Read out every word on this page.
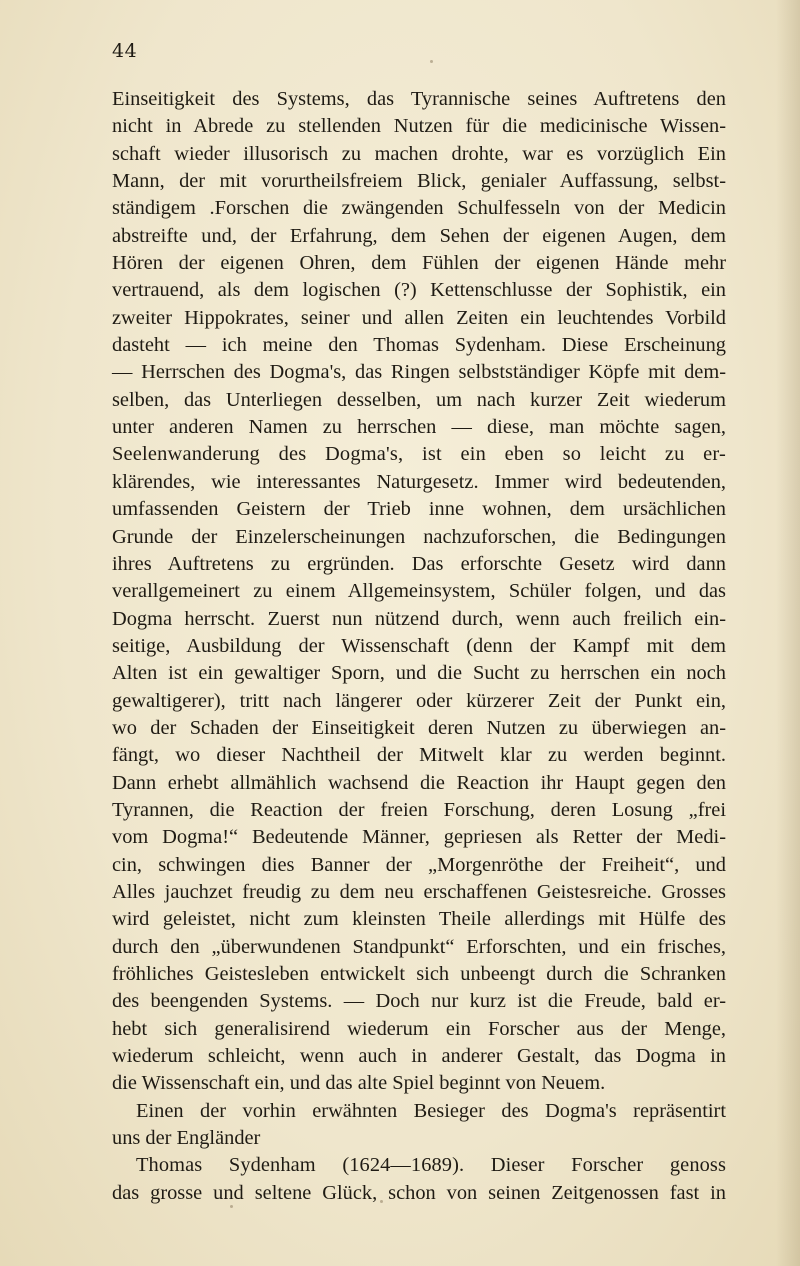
44
Einseitigkeit des Systems, das Tyrannische seines Auftretens den
nicht in Abrede zu stellenden Nutzen für die medicinische Wissen-
schaft wieder illusorisch zu machen drohte, war es vorzüglich Ein
Mann, der mit vorurtheilsfreiem Blick, genialer Auffassung, selbst-
ständigem .Forschen die zwängenden Schulfesseln von der Medicin
abstreifte und, der Erfahrung, dem Sehen der eigenen Augen, dem
Hören der eigenen Ohren, dem Fühlen der eigenen Hände mehr
vertrauend, als dem logischen (?) Kettenschlusse der Sophistik, ein
zweiter Hippokrates, seiner und allen Zeiten ein leuchtendes Vorbild
dasteht — ich meine den Thomas Sydenham. Diese Erscheinung
— Herrschen des Dogma's, das Ringen selbstständiger Köpfe mit dem-
selben, das Unterliegen desselben, um nach kurzer Zeit wiederum
unter anderen Namen zu herrschen — diese, man möchte sagen,
Seelenwanderung des Dogma's, ist ein eben so leicht zu er-
klärendes, wie interessantes Naturgesetz. Immer wird bedeutenden,
umfassenden Geistern der Trieb inne wohnen, dem ursächlichen
Grunde der Einzelerscheinungen nachzuforschen, die Bedingungen
ihres Auftretens zu ergründen. Das erforschte Gesetz wird dann
verallgemeinert zu einem Allgemeinsystem, Schüler folgen, und das
Dogma herrscht. Zuerst nun nützend durch, wenn auch freilich ein-
seitige, Ausbildung der Wissenschaft (denn der Kampf mit dem
Alten ist ein gewaltiger Sporn, und die Sucht zu herrschen ein noch
gewaltigerer), tritt nach längerer oder kürzerer Zeit der Punkt ein,
wo der Schaden der Einseitigkeit deren Nutzen zu überwiegen an-
fängt, wo dieser Nachtheil der Mitwelt klar zu werden beginnt.
Dann erhebt allmählich wachsend die Reaction ihr Haupt gegen den
Tyrannen, die Reaction der freien Forschung, deren Losung „frei
vom Dogma!“ Bedeutende Männer, gepriesen als Retter der Medi-
cin, schwingen dies Banner der „Morgenröthe der Freiheit“, und
Alles jauchzet freudig zu dem neu erschaffenen Geistesreiche. Grosses
wird geleistet, nicht zum kleinsten Theile allerdings mit Hülfe des
durch den „überwundenen Standpunkt“ Erforschten, und ein frisches,
fröhliches Geistesleben entwickelt sich unbeengt durch die Schranken
des beengenden Systems. — Doch nur kurz ist die Freude, bald er-
hebt sich generalisirend wiederum ein Forscher aus der Menge,
wiederum schleicht, wenn auch in anderer Gestalt, das Dogma in
die Wissenschaft ein, und das alte Spiel beginnt von Neuem.
Einen der vorhin erwähnten Besieger des Dogma's repräsentirt
uns der Engländer
Thomas Sydenham (1624—1689). Dieser Forscher genoss
das grosse und seltene Glück, schon von seinen Zeitgenossen fast in
